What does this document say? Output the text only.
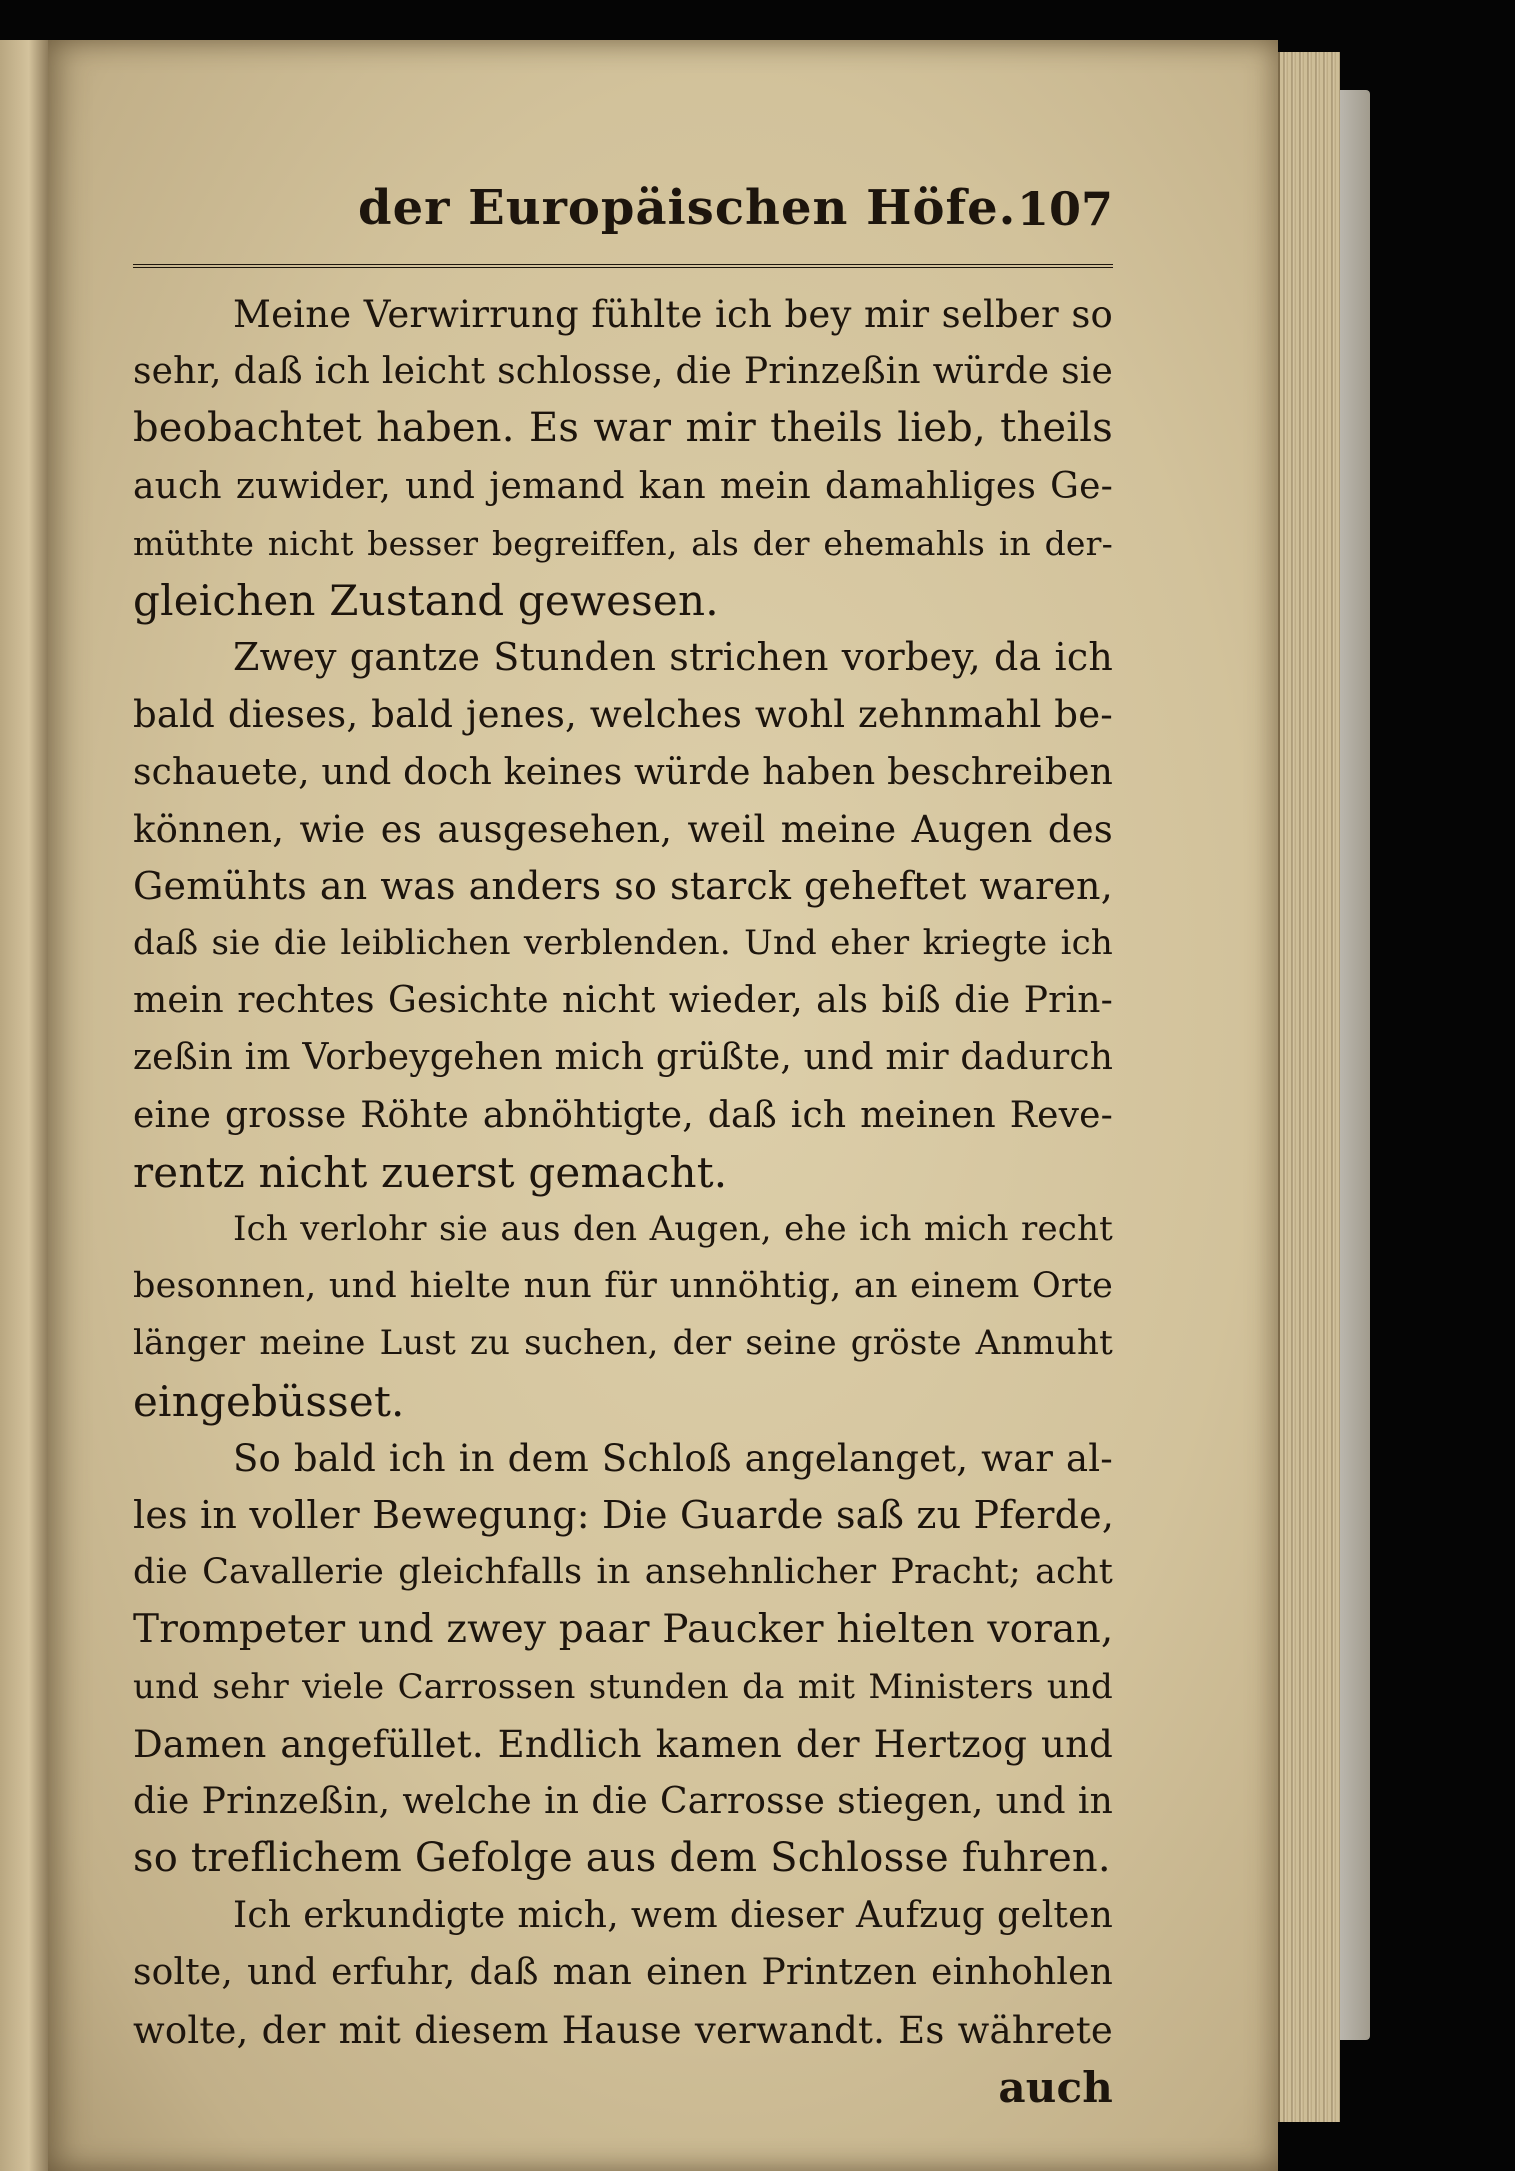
der Europäischen Höfe. 107
Meine Verwirrung fühlte ich bey mir selber so
sehr, daß ich leicht schlosse, die Prinzeßin würde sie
beobachtet haben. Es war mir theils lieb, theils
auch zuwider, und jemand kan mein damahliges Ge-
müthte nicht besser begreiffen, als der ehemahls in der-
gleichen Zustand gewesen.
Zwey gantze Stunden strichen vorbey, da ich
bald dieses, bald jenes, welches wohl zehnmahl be-
schauete, und doch keines würde haben beschreiben
können, wie es ausgesehen, weil meine Augen des
Gemühts an was anders so starck geheftet waren,
daß sie die leiblichen verblenden. Und eher kriegte ich
mein rechtes Gesichte nicht wieder, als biß die Prin-
zeßin im Vorbeygehen mich grüßte, und mir dadurch
eine grosse Röhte abnöhtigte, daß ich meinen Reve-
rentz nicht zuerst gemacht.
Ich verlohr sie aus den Augen, ehe ich mich recht
besonnen, und hielte nun für unnöhtig, an einem Orte
länger meine Lust zu suchen, der seine gröste Anmuht
eingebüsset.
So bald ich in dem Schloß angelanget, war al-
les in voller Bewegung: Die Guarde saß zu Pferde,
die Cavallerie gleichfalls in ansehnlicher Pracht; acht
Trompeter und zwey paar Paucker hielten voran,
und sehr viele Carrossen stunden da mit Ministers und
Damen angefüllet. Endlich kamen der Hertzog und
die Prinzeßin, welche in die Carrosse stiegen, und in
so treflichem Gefolge aus dem Schlosse fuhren.
Ich erkundigte mich, wem dieser Aufzug gelten
solte, und erfuhr, daß man einen Printzen einhohlen
wolte, der mit diesem Hause verwandt. Es währete
auch
